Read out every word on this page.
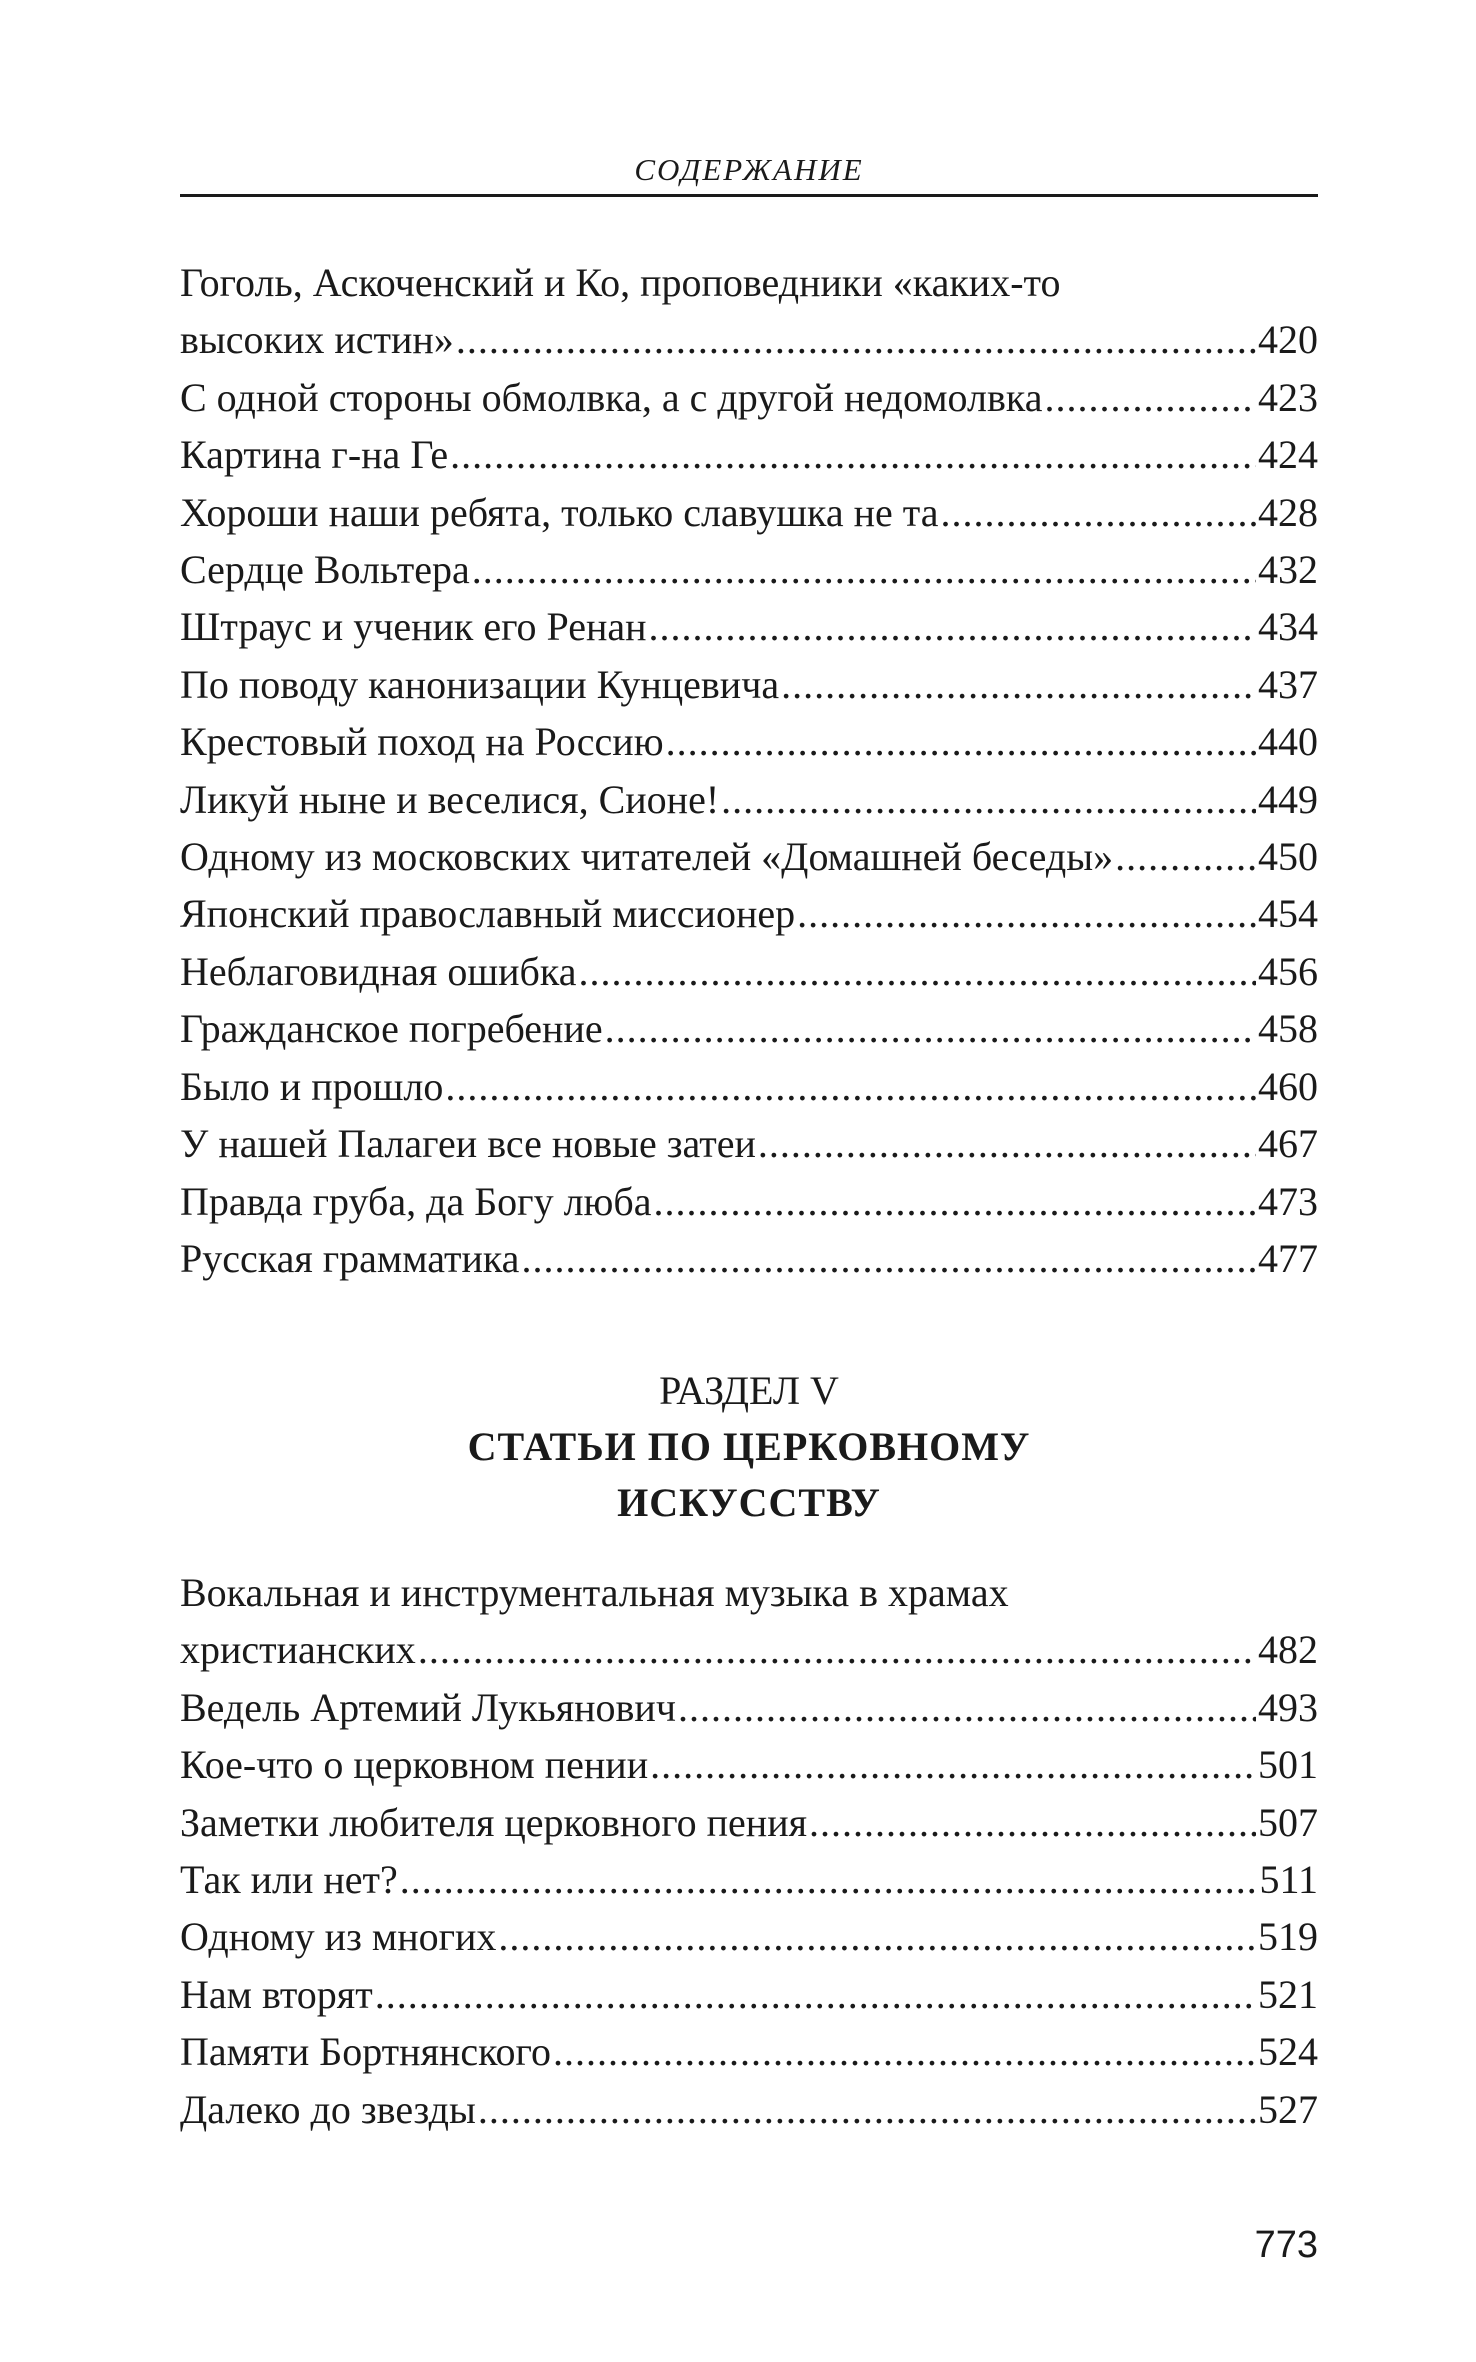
СОДЕРЖАНИЕ
Гоголь, Аскоченский и Ко, проповедники «каких-то
высоких истин» .....	420
С одной стороны обмолвка, а с другой недомолвка .....	423
Картина г-на Ге .....	424
Хороши наши ребята, только славушка не та .....	428
Сердце Вольтера .....	432
Штраус и ученик его Ренан .....	434
По поводу канонизации Кунцевича .....	437
Крестовый поход на Россию .....	440
Ликуй ныне и веселися, Сионе! .....	449
Одному из московских читателей «Домашней беседы» .....	450
Японский православный миссионер .....	454
Неблаговидная ошибка .....	456
Гражданское погребение .....	458
Было и прошло .....	460
У нашей Палагеи все новые затеи .....	467
Правда груба, да Богу люба .....	473
Русская грамматика .....	477
РАЗДЕЛ V
СТАТЬИ ПО ЦЕРКОВНОМУ
ИСКУССТВУ
Вокальная и инструментальная музыка в храмах
христианских .....	482
Ведель Артемий Лукьянович .....	493
Кое-что о церковном пении .....	501
Заметки любителя церковного пения .....	507
Так или нет? .....	511
Одному из многих .....	519
Нам вторят .....	521
Памяти Бортнянского .....	524
Далеко до звезды .....	527
773
